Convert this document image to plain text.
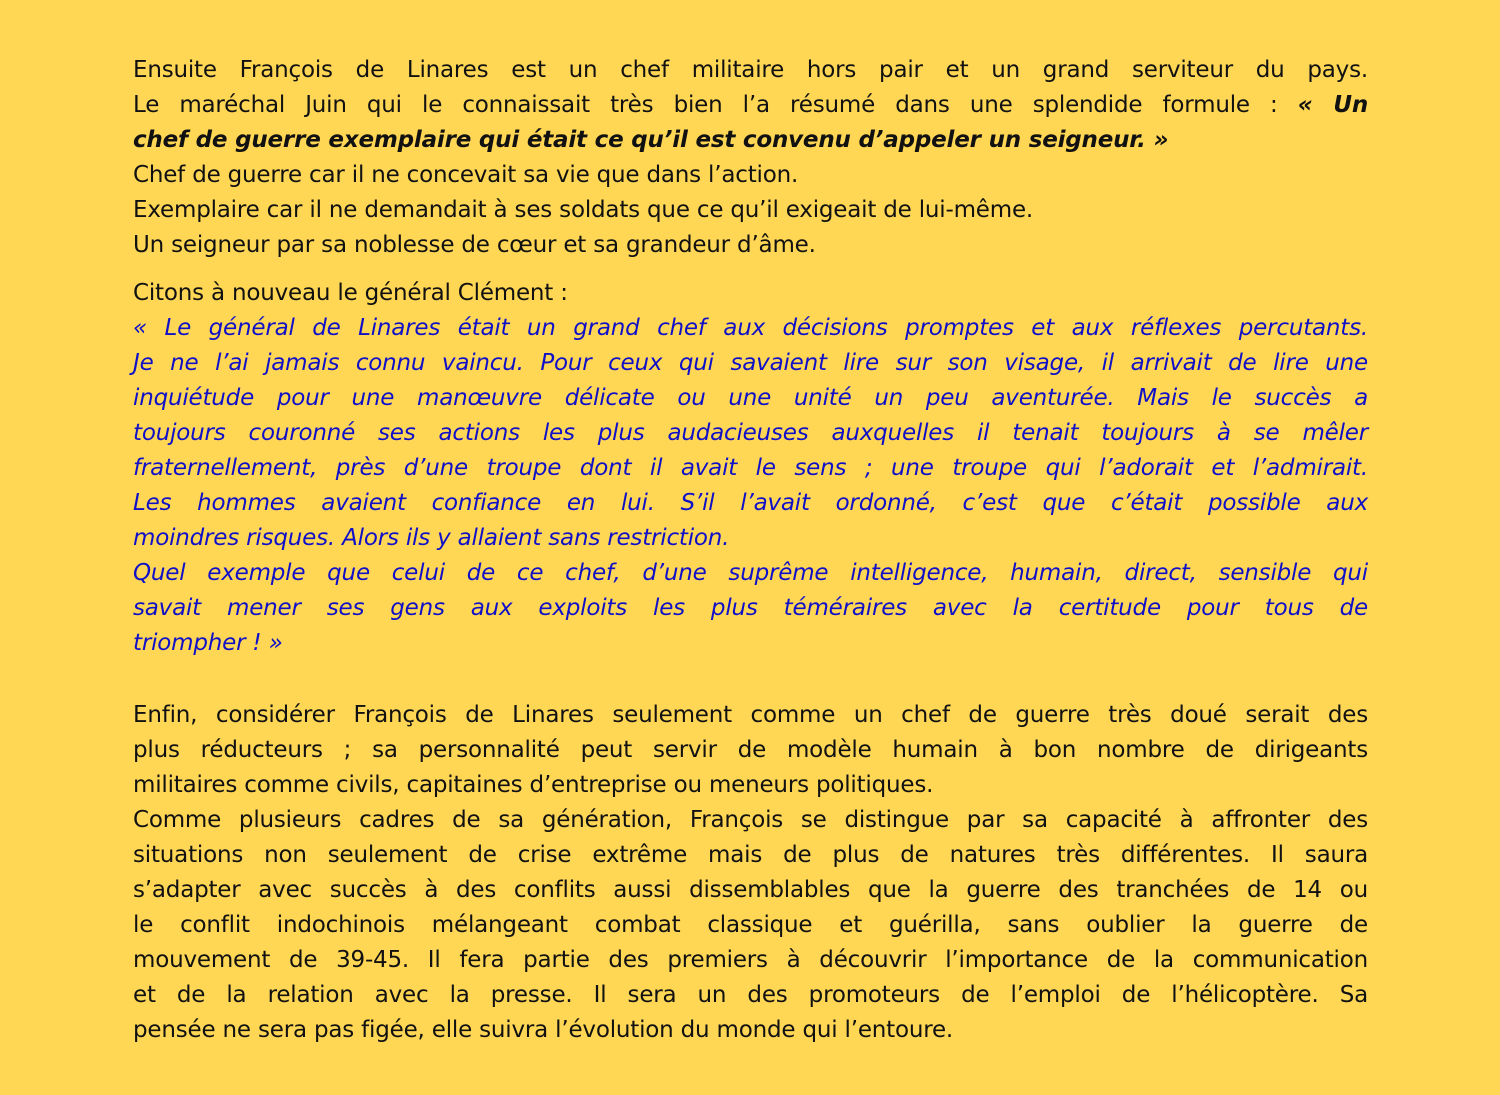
Ensuite François de Linares est un chef militaire hors pair et un grand serviteur du pays.
Le maréchal Juin qui le connaissait très bien l’a résumé dans une splendide formule : « Un
chef de guerre exemplaire qui était ce qu’il est convenu d’appeler un seigneur. »
Chef de guerre car il ne concevait sa vie que dans l’action.
Exemplaire car il ne demandait à ses soldats que ce qu’il exigeait de lui-même.
Un seigneur par sa noblesse de cœur et sa grandeur d’âme.
Citons à nouveau le général Clément :
« Le général de Linares était un grand chef aux décisions promptes et aux réflexes percutants.
Je ne l’ai jamais connu vaincu. Pour ceux qui savaient lire sur son visage, il arrivait de lire une
inquiétude pour une manœuvre délicate ou une unité un peu aventurée. Mais le succès a
toujours couronné ses actions les plus audacieuses auxquelles il tenait toujours à se mêler
fraternellement, près d’une troupe dont il avait le sens ; une troupe qui l’adorait et l’admirait.
Les hommes avaient confiance en lui. S’il l’avait ordonné, c’est que c’était possible aux
moindres risques. Alors ils y allaient sans restriction.
Quel exemple que celui de ce chef, d’une suprême intelligence, humain, direct, sensible qui
savait mener ses gens aux exploits les plus téméraires avec la certitude pour tous de
triompher ! »
Enfin, considérer François de Linares seulement comme un chef de guerre très doué serait des
plus réducteurs ; sa personnalité peut servir de modèle humain à bon nombre de dirigeants
militaires comme civils, capitaines d’entreprise ou meneurs politiques.
Comme plusieurs cadres de sa génération, François se distingue par sa capacité à affronter des
situations non seulement de crise extrême mais de plus de natures très différentes. Il saura
s’adapter avec succès à des conflits aussi dissemblables que la guerre des tranchées de 14 ou
le conflit indochinois mélangeant combat classique et guérilla, sans oublier la guerre de
mouvement de 39-45. Il fera partie des premiers à découvrir l’importance de la communication
et de la relation avec la presse. Il sera un des promoteurs de l’emploi de l’hélicoptère. Sa
pensée ne sera pas figée, elle suivra l’évolution du monde qui l’entoure.
